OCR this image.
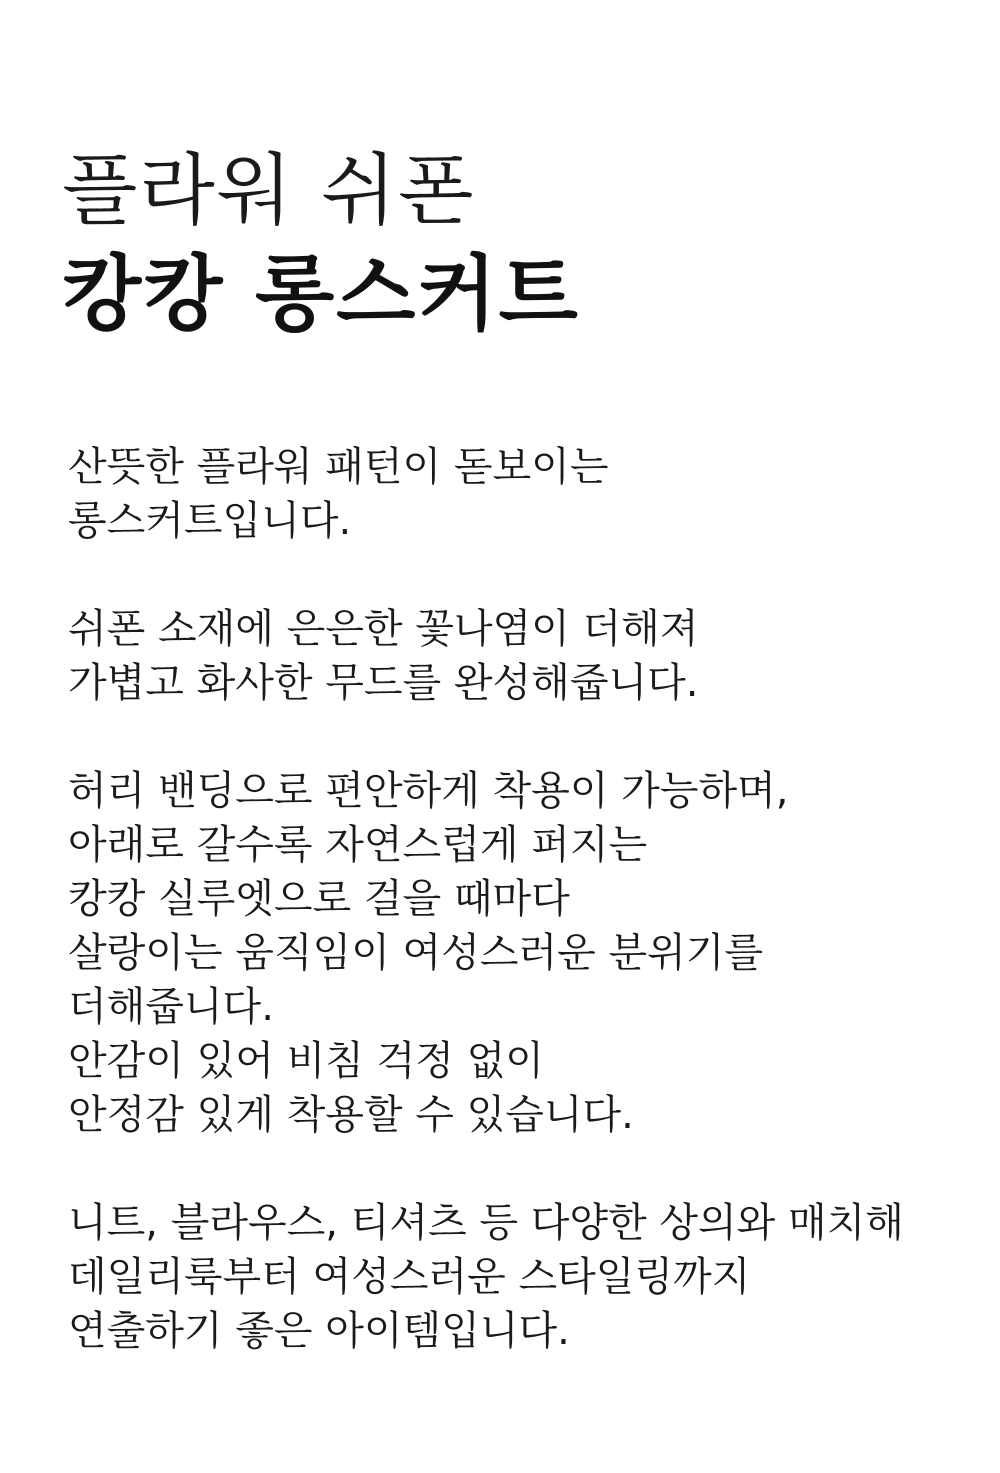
플라워 쉬폰
캉캉 롱스커트

산뜻한 플라워 패턴이 돋보이는
롱스커트입니다.

쉬폰 소재에 은은한 꽃나염이 더해져
가볍고 화사한 무드를 완성해줍니다.

허리 밴딩으로 편안하게 착용이 가능하며,
아래로 갈수록 자연스럽게 퍼지는
캉캉 실루엣으로 걸을 때마다
살랑이는 움직임이 여성스러운 분위기를
더해줍니다.
안감이 있어 비침 걱정 없이
안정감 있게 착용할 수 있습니다.

니트, 블라우스, 티셔츠 등 다양한 상의와 매치해
데일리룩부터 여성스러운 스타일링까지
연출하기 좋은 아이템입니다.
